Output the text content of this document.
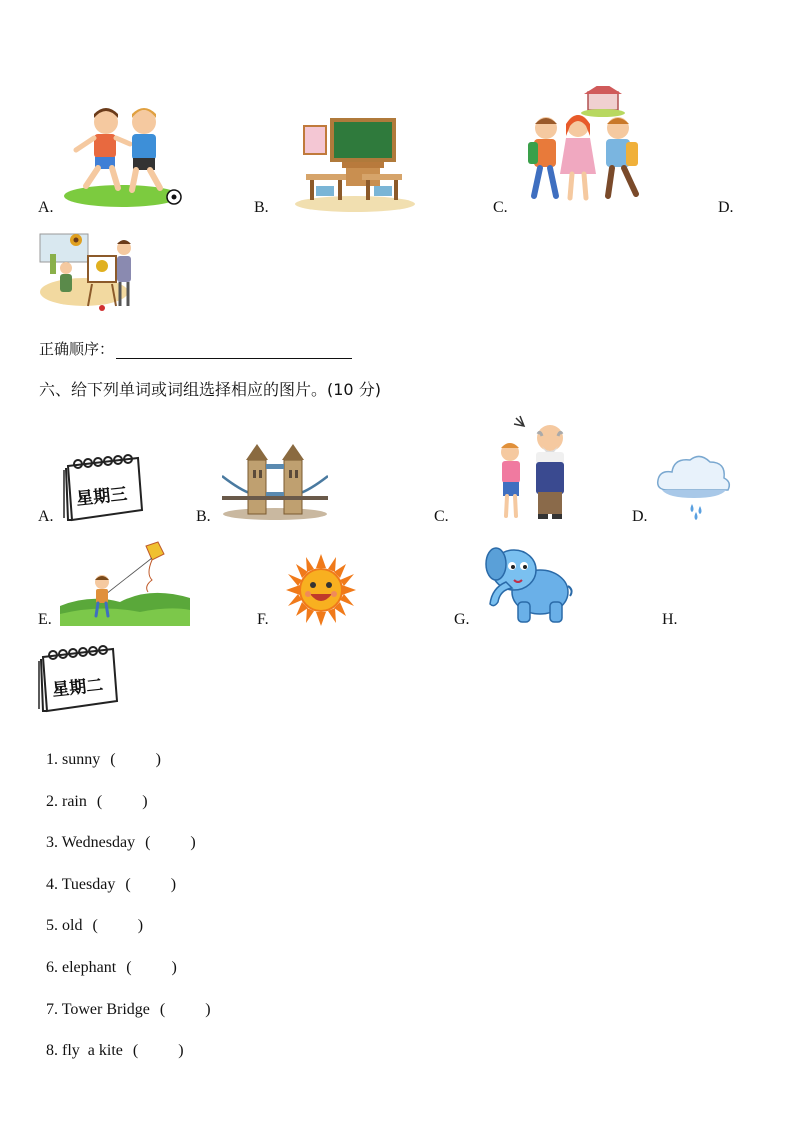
A.	B.	C.	D.
正确顺序：
六、给下列单词或词组选择相应的图片。(10 分)
A.
星期三
B.	C.	D.
E.	F.	G.	H.
星期二

1. sunny (          )

2. rain (          )

3. Wednesday (          )

4. Tuesday (          )

5. old (          )

6. elephant (          )

7. Tower Bridge (          )

8. fly  a kite (          )
